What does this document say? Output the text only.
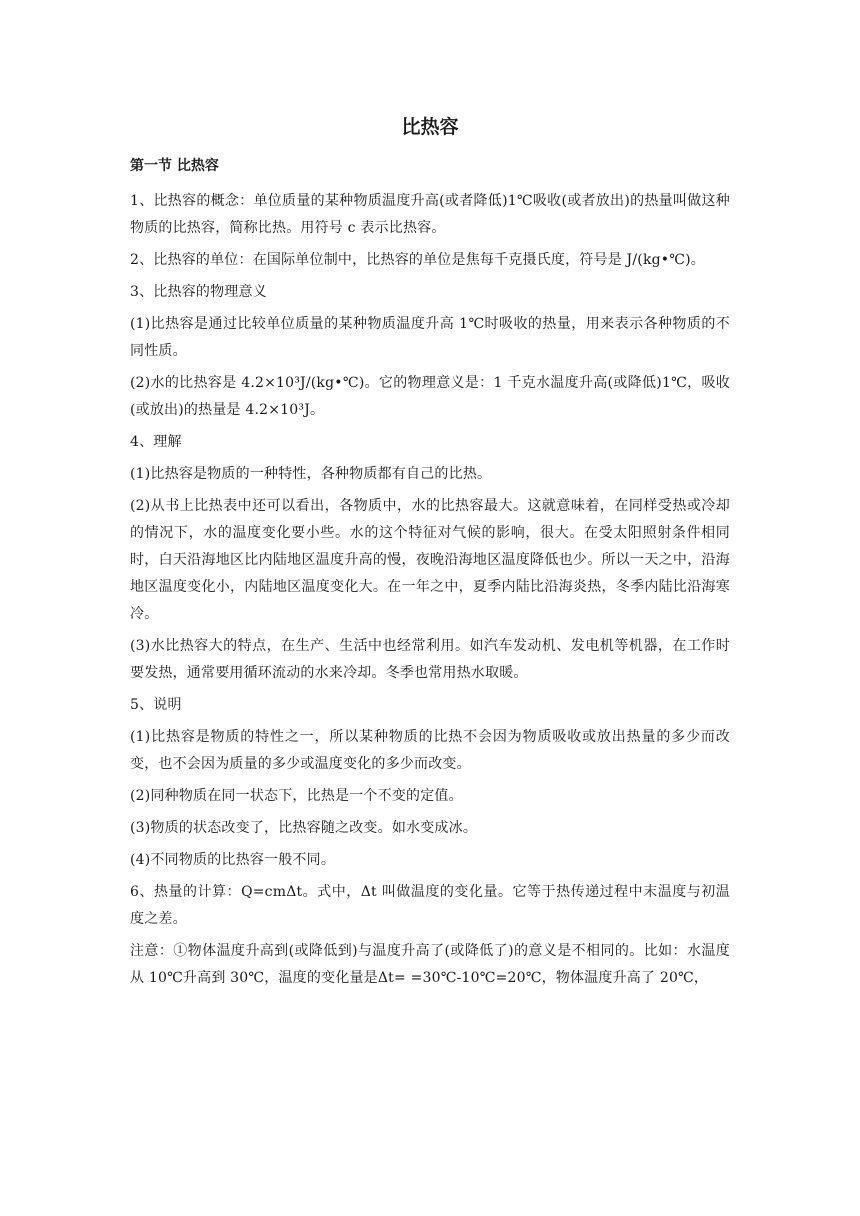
比热容
第一节 比热容
1、比热容的概念：单位质量的某种物质温度升高(或者降低)1℃吸收(或者放出)的热量叫做这种物质的比热容，简称比热。用符号 c 表示比热容。
2、比热容的单位：在国际单位制中，比热容的单位是焦每千克摄氏度，符号是 J/(kg•℃)。
3、比热容的物理意义
(1)比热容是通过比较单位质量的某种物质温度升高 1℃时吸收的热量，用来表示各种物质的不同性质。
(2)水的比热容是 4.2×10³J/(kg•℃)。它的物理意义是：1 千克水温度升高(或降低)1℃，吸收(或放出)的热量是 4.2×10³J。
4、理解
(1)比热容是物质的一种特性，各种物质都有自己的比热。
(2)从书上比热表中还可以看出，各物质中，水的比热容最大。这就意味着，在同样受热或冷却的情况下，水的温度变化要小些。水的这个特征对气候的影响，很大。在受太阳照射条件相同时，白天沿海地区比内陆地区温度升高的慢，夜晚沿海地区温度降低也少。所以一天之中，沿海地区温度变化小，内陆地区温度变化大。在一年之中，夏季内陆比沿海炎热，冬季内陆比沿海寒冷。
(3)水比热容大的特点，在生产、生活中也经常利用。如汽车发动机、发电机等机器，在工作时要发热，通常要用循环流动的水来冷却。冬季也常用热水取暖。
5、说明
(1)比热容是物质的特性之一，所以某种物质的比热不会因为物质吸收或放出热量的多少而改变，也不会因为质量的多少或温度变化的多少而改变。
(2)同种物质在同一状态下，比热是一个不变的定值。
(3)物质的状态改变了，比热容随之改变。如水变成冰。
(4)不同物质的比热容一般不同。
6、热量的计算：Q=cmΔt。式中，Δt 叫做温度的变化量。它等于热传递过程中末温度与初温度之差。
注意：①物体温度升高到(或降低到)与温度升高了(或降低了)的意义是不相同的。比如：水温度从 10℃升高到 30℃，温度的变化量是Δt= =30℃-10℃=20℃，物体温度升高了 20℃，
